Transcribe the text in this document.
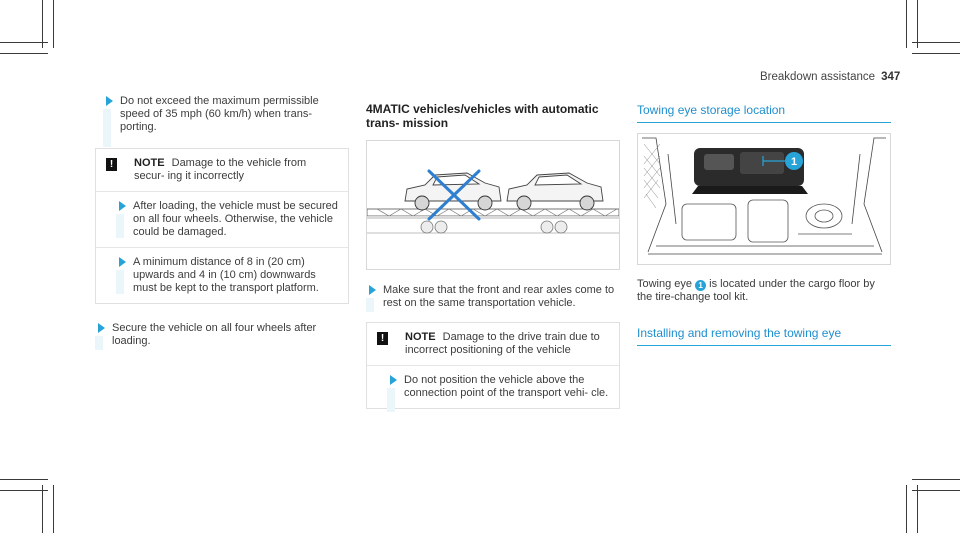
Breakdown assistance 347
Do not exceed the maximum permissible speed of 35 mph (60 km/h) when trans- porting.
!	NOTE Damage to the vehicle from secur- ing it incorrectly
After loading, the vehicle must be secured on all four wheels. Otherwise, the vehicle could be damaged.
A minimum distance of 8 in (20 cm) upwards and 4 in (10 cm) downwards must be kept to the transport platform.
Secure the vehicle on all four wheels after loading.
4MATIC vehicles/vehicles with automatic trans- mission
Make sure that the front and rear axles come to rest on the same transportation vehicle.
!	NOTE Damage to the drive train due to incorrect positioning of the vehicle
Do not position the vehicle above the connection point of the transport vehi- cle.
Towing eye storage location
1
Towing eye 1 is located under the cargo floor by the tire-change tool kit.
Installing and removing the towing eye
